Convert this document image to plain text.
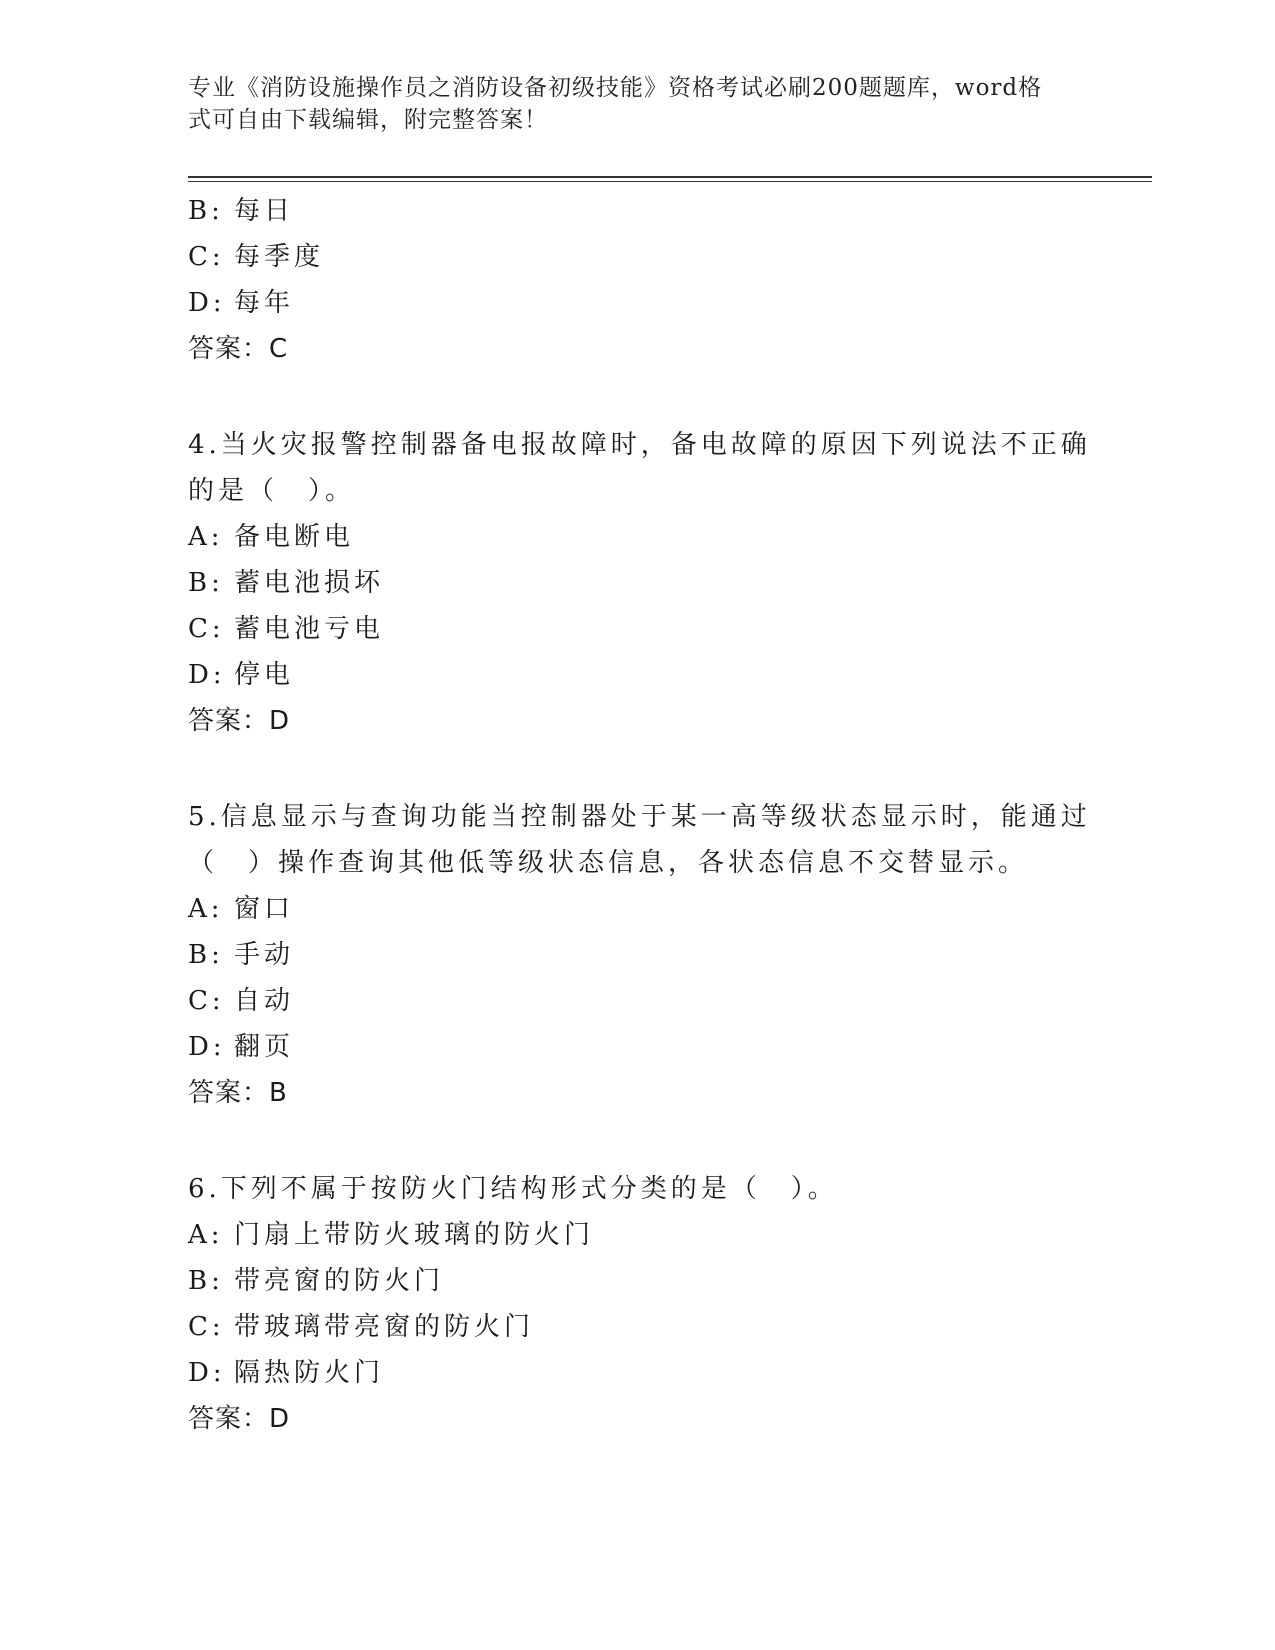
专业《消防设施操作员之消防设备初级技能》资格考试必刷200题题库，word格
式可自由下载编辑，附完整答案！
B: 每日
C: 每季度
D: 每年
答案：C
4.当火灾报警控制器备电报故障时，备电故障的原因下列说法不正确
的是（　）。
A: 备电断电
B: 蓄电池损坏
C: 蓄电池亏电
D: 停电
答案：D
5.信息显示与查询功能当控制器处于某一高等级状态显示时，能通过
（　）操作查询其他低等级状态信息，各状态信息不交替显示。
A: 窗口
B: 手动
C: 自动
D: 翻页
答案：B
6.下列不属于按防火门结构形式分类的是（　）。
A: 门扇上带防火玻璃的防火门
B: 带亮窗的防火门
C: 带玻璃带亮窗的防火门
D: 隔热防火门
答案：D
